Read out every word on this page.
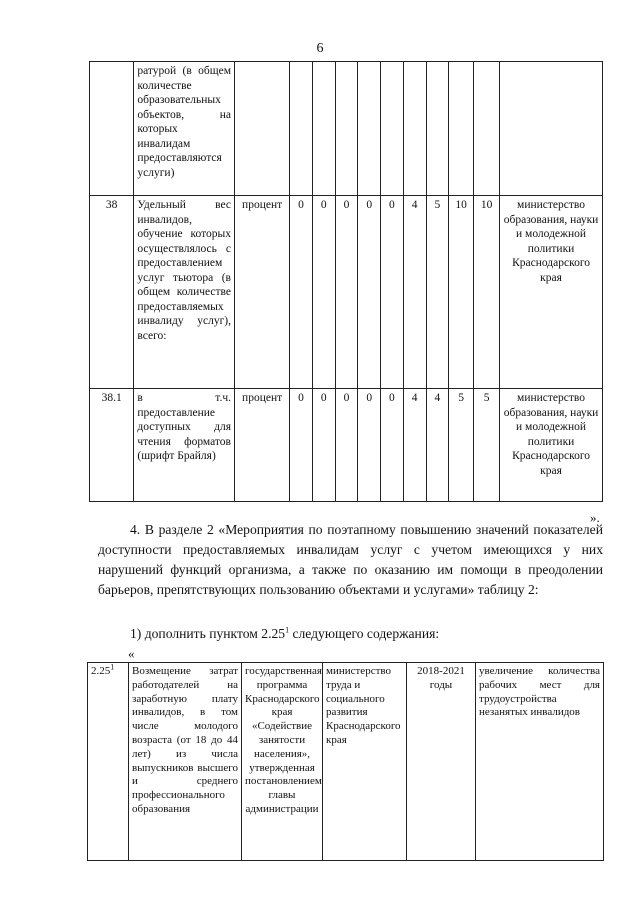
6
	ратурой (в общем количестве образовательных объектов, на которых инвалидам предоставляются услуги)											
38	Удельный вес инвалидов, обучение которых осуществлялось с предоставлением услуг тьютора (в общем количестве предоставляемых инвалиду услуг), всего:	процент	0	0	0	0	0	4	5	10	10	министерство образования, науки и молодежной политики Краснодарского края
38.1	в т.ч. предоставление доступных для чтения форматов (шрифт Брайля)	процент	0	0	0	0	0	4	4	5	5	министерство образования, науки и молодежной политики Краснодарского края
».
4. В разделе 2 «Мероприятия по поэтапному повышению значений показателей доступности предоставляемых инвалидам услуг с учетом имеющихся у них нарушений функций организма, а также по оказанию им помощи в преодолении барьеров, препятствующих пользованию объектами и услугами» таблицу 2:
1) дополнить пунктом 2.25$^1$ следующего содержания:
«
2.25$^1$	Возмещение затрат работодателей на заработную плату инвалидов, в том числе молодого возраста (от 18 до 44 лет) из числа выпускников высшего и среднего профессионального образования	государственная программа Краснодарского края «Содействие занятости населения», утвержденная постановлением главы администрации	министерство труда и социального развития Краснодарского края	2018-2021 годы	увеличение количества рабочих мест для трудоустройства незанятых инвалидов
